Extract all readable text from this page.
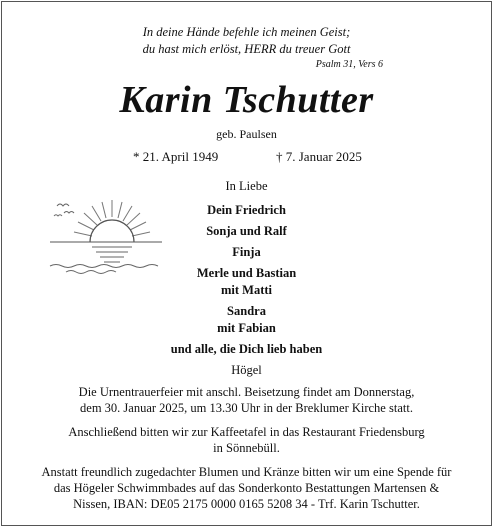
In deine Hände befehle ich meinen Geist;
du hast mich erlöst, HERR du treuer Gott
Psalm 31, Vers 6
Karin Tschutter
geb. Paulsen
* 21. April 1949	† 7. Januar 2025
In Liebe
Dein Friedrich
Sonja und Ralf
Finja
Merle und Bastian
mit Matti
Sandra
mit Fabian
und alle, die Dich lieb haben
Högel
Die Urnentrauerfeier mit anschl. Beisetzung findet am Donnerstag,
dem 30. Januar 2025, um 13.30 Uhr in der Breklumer Kirche statt.
Anschließend bitten wir zur Kaffeetafel in das Restaurant Friedensburg
in Sönnebüll.
Anstatt freundlich zugedachter Blumen und Kränze bitten wir um eine Spende für
das Högeler Schwimmbades auf das Sonderkonto Bestattungen Martensen &
Nissen, IBAN: DE05 2175 0000 0165 5208 34 - Trf. Karin Tschutter.
